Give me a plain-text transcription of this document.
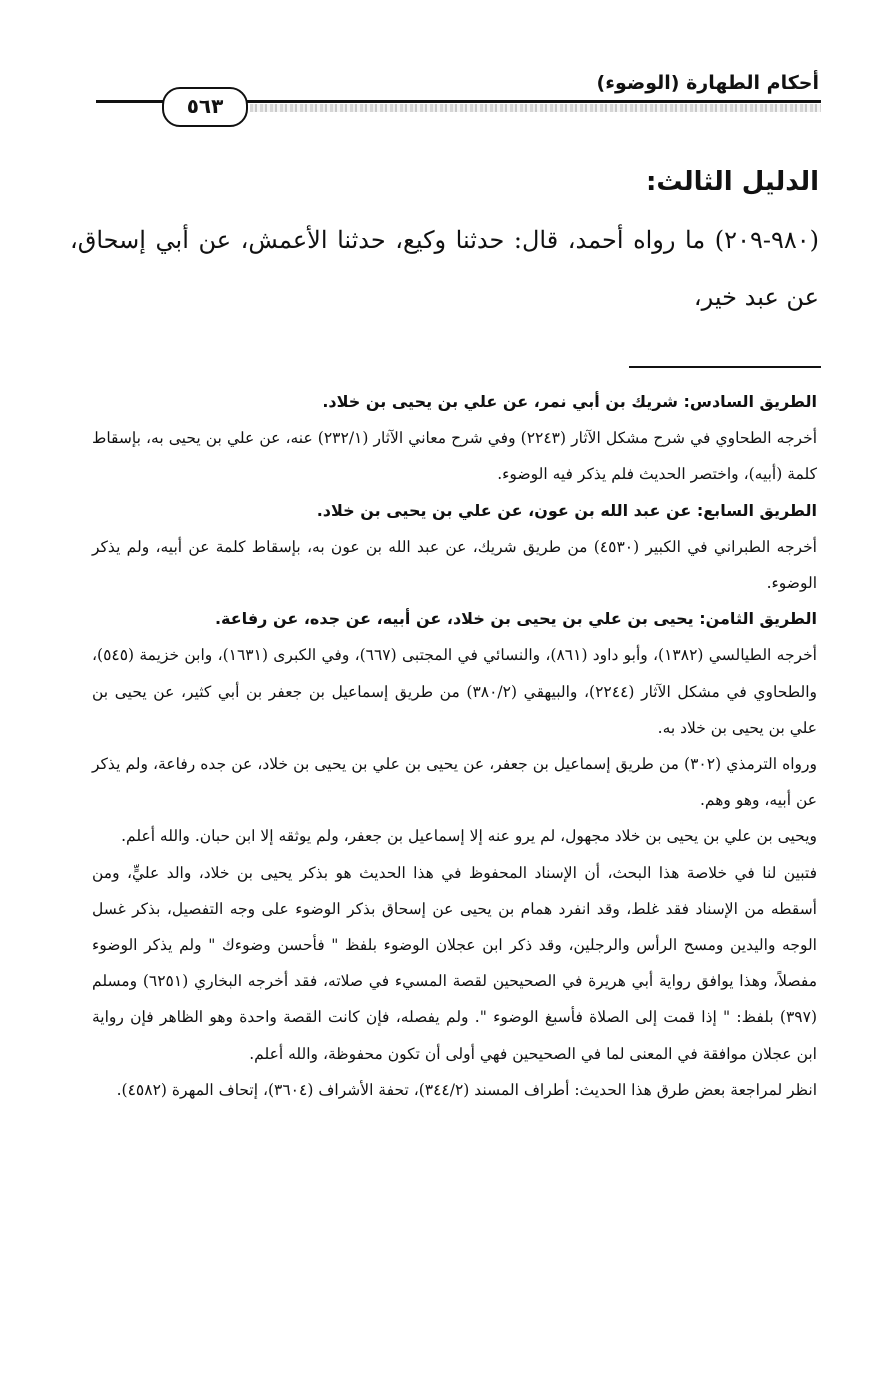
أحكام الطهارة (الوضوء)
٥٦٣
الدليل الثالث:

(٩٨٠-٢٠٩) ما رواه أحمد، قال: حدثنا وكيع، حدثنا الأعمش، عن أبي إسحاق، عن عبد خير،

الطريق السادس: شريك بن أبي نمر، عن علي بن يحيى بن خلاد.

أخرجه الطحاوي في شرح مشكل الآثار (٢٢٤٣) وفي شرح معاني الآثار (٢٣٢/١) عنه، عن علي بن يحيى به، بإسقاط كلمة (أبيه)، واختصر الحديث فلم يذكر فيه الوضوء.

الطريق السابع: عن عبد الله بن عون، عن علي بن يحيى بن خلاد.

أخرجه الطبراني في الكبير (٤٥٣٠) من طريق شريك، عن عبد الله بن عون به، بإسقاط كلمة عن أبيه، ولم يذكر الوضوء.

الطريق الثامن: يحيى بن علي بن يحيى بن خلاد، عن أبيه، عن جده، عن رفاعة.

أخرجه الطيالسي (١٣٨٢)، وأبو داود (٨٦١)، والنسائي في المجتبى (٦٦٧)، وفي الكبرى (١٦٣١)، وابن خزيمة (٥٤٥)، والطحاوي في مشكل الآثار (٢٢٤٤)، والبيهقي (٣٨٠/٢) من طريق إسماعيل بن جعفر بن أبي كثير، عن يحيى بن علي بن يحيى بن خلاد به.

ورواه الترمذي (٣٠٢) من طريق إسماعيل بن جعفر، عن يحيى بن علي بن يحيى بن خلاد، عن جده رفاعة، ولم يذكر عن أبيه، وهو وهم.

ويحيى بن علي بن يحيى بن خلاد مجهول، لم يرو عنه إلا إسماعيل بن جعفر، ولم يوثقه إلا ابن حبان. والله أعلم.

فتبين لنا في خلاصة هذا البحث، أن الإسناد المحفوظ في هذا الحديث هو بذكر يحيى بن خلاد، والد عليٍّ، ومن أسقطه من الإسناد فقد غلط، وقد انفرد همام بن يحيى عن إسحاق بذكر الوضوء على وجه التفصيل، بذكر غسل الوجه واليدين ومسح الرأس والرجلين، وقد ذكر ابن عجلان الوضوء بلفظ " فأحسن وضوءك " ولم يذكر الوضوء مفصلاً، وهذا يوافق رواية أبي هريرة في الصحيحين لقصة المسيء في صلاته، فقد أخرجه البخاري (٦٢٥١) ومسلم (٣٩٧) بلفظ: " إذا قمت إلى الصلاة فأسبغ الوضوء ". ولم يفصله، فإن كانت القصة واحدة وهو الظاهر فإن رواية ابن عجلان موافقة في المعنى لما في الصحيحين فهي أولى أن تكون محفوظة، والله أعلم.

انظر لمراجعة بعض طرق هذا الحديث: أطراف المسند (٣٤٤/٢)، تحفة الأشراف (٣٦٠٤)، إتحاف المهرة (٤٥٨٢).
